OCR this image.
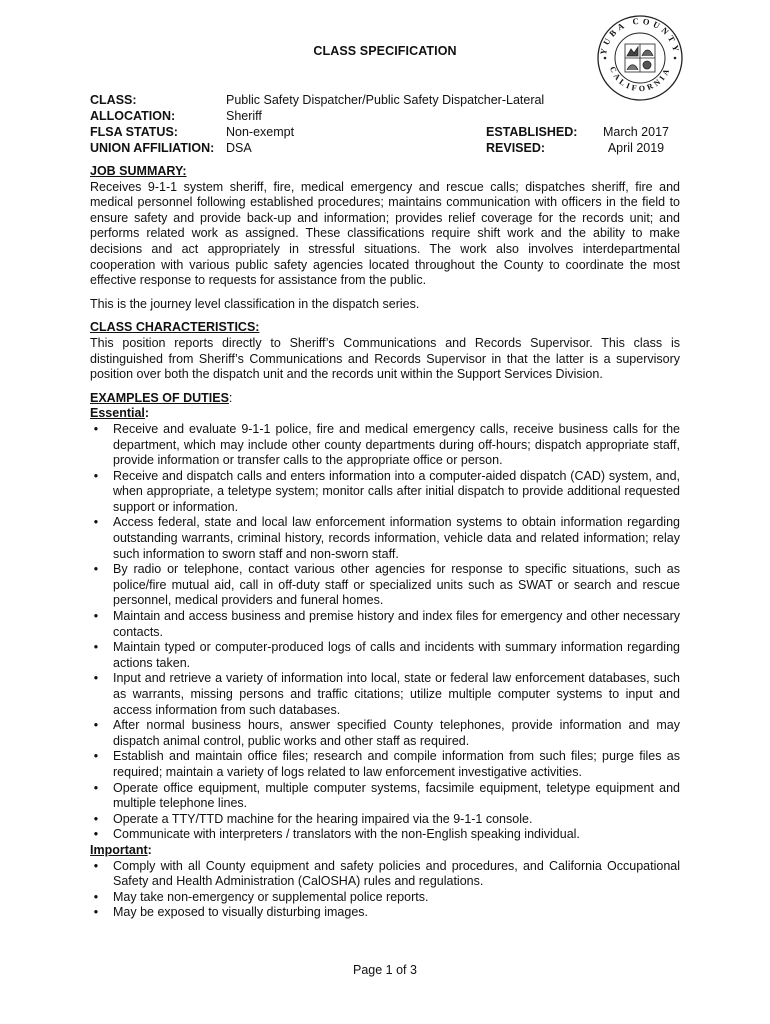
CLASS SPECIFICATION	YUBA COUNTY
CALIFORNIA
CLASS:	Public Safety Dispatcher/Public Safety Dispatcher-Lateral
ALLOCATION:	Sheriff
FLSA STATUS:	Non-exempt	ESTABLISHED:	March 2017
UNION AFFILIATION: DSA	REVISED:	April 2019

JOB SUMMARY:

Receives 9-1-1 system sheriff, fire, medical emergency and rescue calls; dispatches sheriff, fire and medical personnel following established procedures; maintains communication with officers in the field to ensure safety and provide back-up and information; provides relief coverage for the records unit; and performs related work as assigned. These classifications require shift work and the ability to make decisions and act appropriately in stressful situations. The work also involves interdepartmental cooperation with various public safety agencies located throughout the County to coordinate the most effective response to requests for assistance from the public.

This is the journey level classification in the dispatch series.

CLASS CHARACTERISTICS:

This position reports directly to Sheriff’s Communications and Records Supervisor. This class is distinguished from Sheriff’s Communications and Records Supervisor in that the latter is a supervisory position over both the dispatch unit and the records unit within the Support Services Division.

EXAMPLES OF DUTIES:

Essential:

•	Receive and evaluate 9-1-1 police, fire and medical emergency calls, receive business calls for the department, which may include other county departments during off-hours; dispatch appropriate staff, provide information or transfer calls to the appropriate office or person.
•	Receive and dispatch calls and enters information into a computer-aided dispatch (CAD) system, and, when appropriate, a teletype system; monitor calls after initial dispatch to provide additional requested support or information.
•	Access federal, state and local law enforcement information systems to obtain information regarding outstanding warrants, criminal history, records information, vehicle data and related information; relay such information to sworn staff and non-sworn staff.
•	By radio or telephone, contact various other agencies for response to specific situations, such as police/fire mutual aid, call in off-duty staff or specialized units such as SWAT or search and rescue personnel, medical providers and funeral homes.
•	Maintain and access business and premise history and index files for emergency and other necessary contacts.
•	Maintain typed or computer-produced logs of calls and incidents with summary information regarding actions taken.
•	Input and retrieve a variety of information into local, state or federal law enforcement databases, such as warrants, missing persons and traffic citations; utilize multiple computer systems to input and access information from such databases.
•	After normal business hours, answer specified County telephones, provide information and may dispatch animal control, public works and other staff as required.
•	Establish and maintain office files; research and compile information from such files; purge files as required; maintain a variety of logs related to law enforcement investigative activities.
•	Operate office equipment, multiple computer systems, facsimile equipment, teletype equipment and multiple telephone lines.
•	Operate a TTY/TTD machine for the hearing impaired via the 9-1-1 console.
•	Communicate with interpreters / translators with the non-English speaking individual.

Important:

•	Comply with all County equipment and safety policies and procedures, and California Occupational Safety and Health Administration (CalOSHA) rules and regulations.
•	May take non-emergency or supplemental police reports.
•	May be exposed to visually disturbing images.
Page 1 of 3
